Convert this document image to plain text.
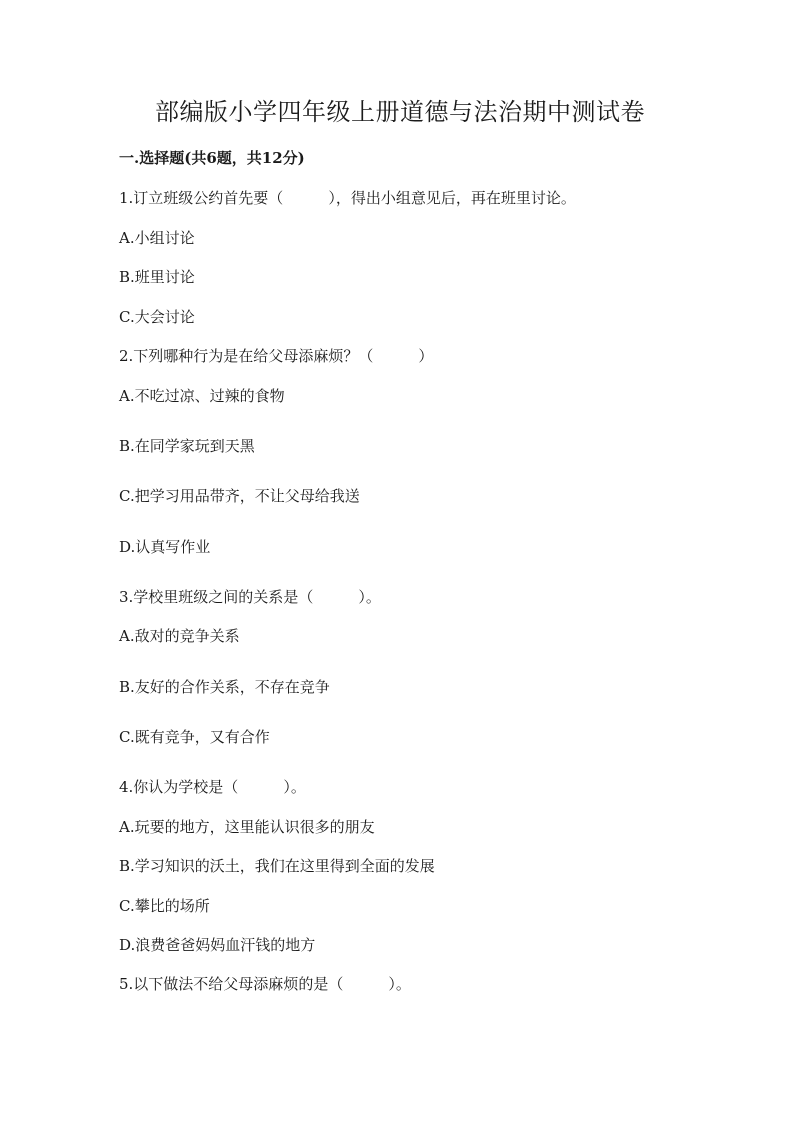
部编版小学四年级上册道德与法治期中测试卷
一.选择题(共6题，共12分)
1.订立班级公约首先要（　　　），得出小组意见后，再在班里讨论。
A.小组讨论
B.班里讨论
C.大会讨论
2.下列哪种行为是在给父母添麻烦？（　　　）
A.不吃过凉、过辣的食物
B.在同学家玩到天黑
C.把学习用品带齐，不让父母给我送
D.认真写作业
3.学校里班级之间的关系是（　　　）。
A.敌对的竞争关系
B.友好的合作关系，不存在竞争
C.既有竞争，又有合作
4.你认为学校是（　　　）。
A.玩要的地方，这里能认识很多的朋友
B.学习知识的沃土，我们在这里得到全面的发展
C.攀比的场所
D.浪费爸爸妈妈血汗钱的地方
5.以下做法不给父母添麻烦的是（　　　）。
